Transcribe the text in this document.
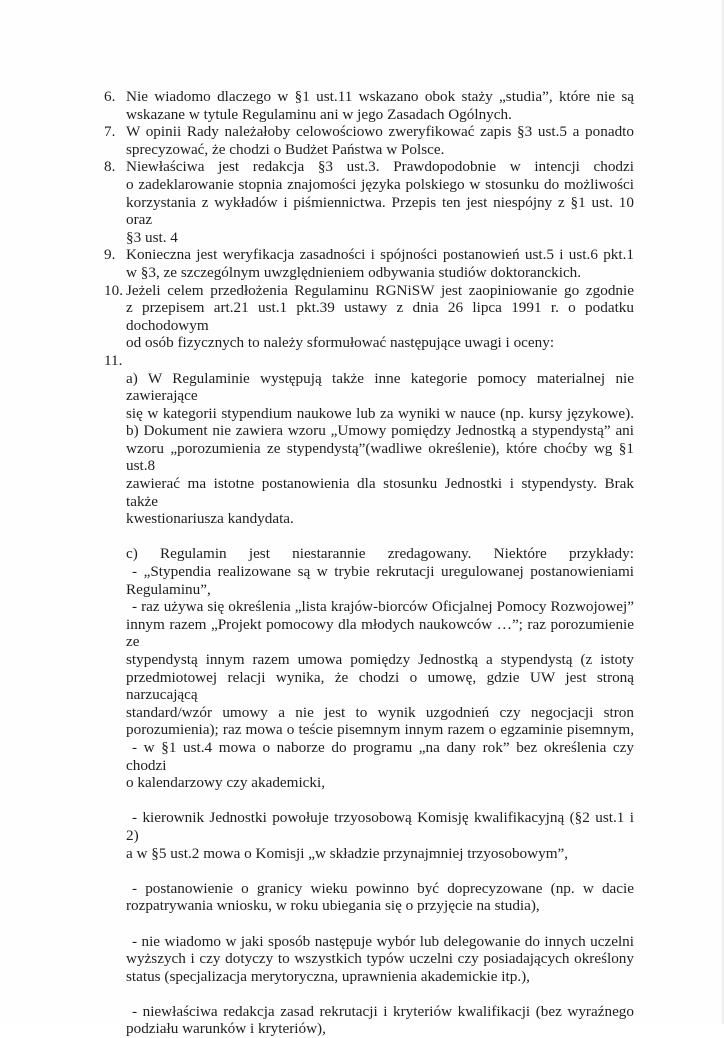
6. Nie wiadomo dlaczego w §1 ust.11 wskazano obok staży „studia”, które nie są
wskazane w tytule Regulaminu ani w jego Zasadach Ogólnych.
7. W opinii Rady należałoby celowościowo zweryfikować zapis §3 ust.5 a ponadto
sprecyzować, że chodzi o Budżet Państwa w Polsce.
8. Niewłaściwa jest redakcja §3 ust.3. Prawdopodobnie w intencji chodzi
o zadeklarowanie stopnia znajomości języka polskiego w stosunku do możliwości
korzystania z wykładów i piśmiennictwa. Przepis ten jest niespójny z §1 ust. 10 oraz
§3 ust. 4
9. Konieczna jest weryfikacja zasadności i spójności postanowień ust.5 i ust.6 pkt.1
w §3, ze szczególnym uwzględnieniem odbywania studiów doktoranckich.
10. Jeżeli celem przedłożenia Regulaminu RGNiSW jest zaopiniowanie go zgodnie
z przepisem art.21 ust.1 pkt.39 ustawy z dnia 26 lipca 1991 r. o podatku dochodowym
od osób fizycznych to należy sformułować następujące uwagi i oceny:
11.

a) W Regulaminie występują także inne kategorie pomocy materialnej nie zawierające
się w kategorii stypendium naukowe lub za wyniki w nauce (np. kursy językowe).
b) Dokument nie zawiera wzoru „Umowy pomiędzy Jednostką a stypendystą” ani
wzoru „porozumienia ze stypendystą”(wadliwe określenie), które choćby wg §1 ust.8
zawierać ma istotne postanowienia dla stosunku Jednostki i stypendysty. Brak także
kwestionariusza kandydata.
c) Regulamin jest niestarannie zredagowany. Niektóre przykłady:
- „Stypendia realizowane są w trybie rekrutacji uregulowanej postanowieniami
Regulaminu”,
- raz używa się określenia „lista krajów-biorców Oficjalnej Pomocy Rozwojowej”
innym razem „Projekt pomocowy dla młodych naukowców …”; raz porozumienie ze
stypendystą innym razem umowa pomiędzy Jednostką a stypendystą (z istoty
przedmiotowej relacji wynika, że chodzi o umowę, gdzie UW jest stroną narzucającą
standard/wzór umowy a nie jest to wynik uzgodnień czy negocjacji stron
porozumienia); raz mowa o teście pisemnym innym razem o egzaminie pisemnym,
- w §1 ust.4 mowa o naborze do programu „na dany rok” bez określenia czy chodzi
o kalendarzowy czy akademicki,
- kierownik Jednostki powołuje trzyosobową Komisję kwalifikacyjną (§2 ust.1 i 2)
a w §5 ust.2 mowa o Komisji „w składzie przynajmniej trzyosobowym”,
- postanowienie o granicy wieku powinno być doprecyzowane (np. w dacie
rozpatrywania wniosku, w roku ubiegania się o przyjęcie na studia),
- nie wiadomo w jaki sposób następuje wybór lub delegowanie do innych uczelni
wyższych i czy dotyczy to wszystkich typów uczelni czy posiadających określony
status (specjalizacja merytoryczna, uprawnienia akademickie itp.),
- niewłaściwa redakcja zasad rekrutacji i kryteriów kwalifikacji (bez wyraźnego
podziału warunków i kryteriów),
